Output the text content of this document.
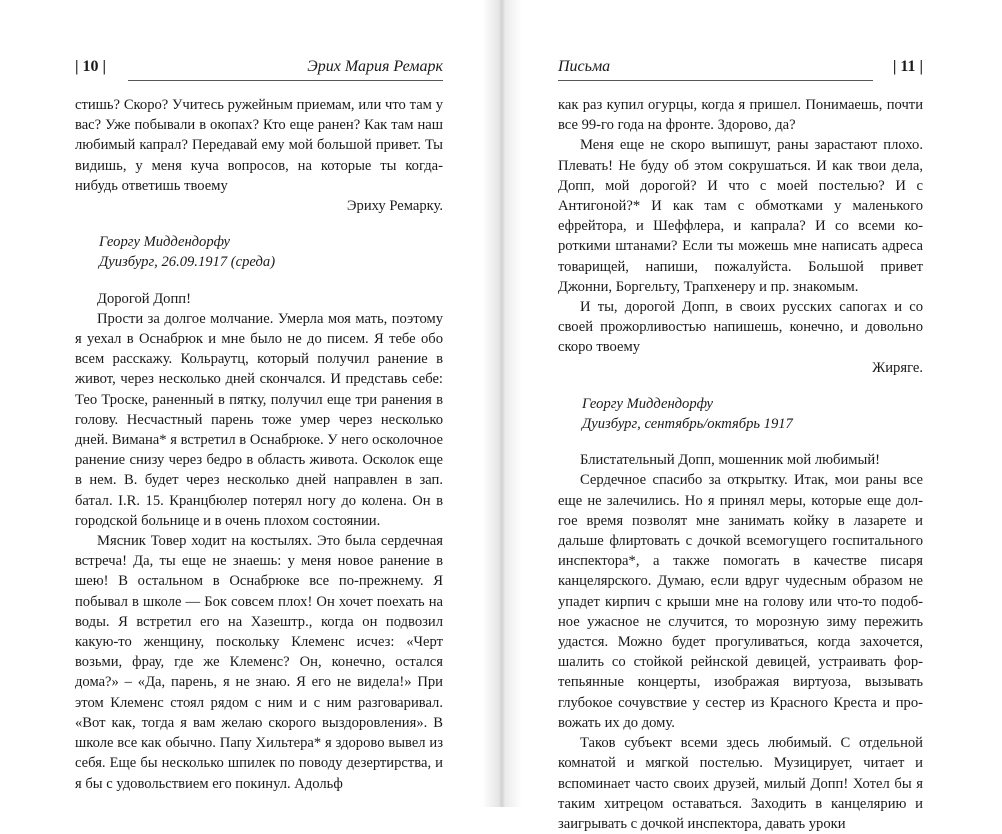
| 10 |	Эрих Мария Ремарк

стишь? Скоро? Учитесь ружейным приемам, или что там у вас? Уже побывали в окопах? Кто еще ранен? Как там наш любимый капрал? Передавай ему мой большой привет. Ты видишь, у меня куча вопросов, на которые ты когда-нибудь ответишь твоему

Эриху Ремарку.
Георгу Миддендорфу
Дуизбург, 26.09.1917 (среда)

Дорогой Допп!

Прости за долгое молчание. Умерла моя мать, поэтому я уехал в Оснабрюк и мне было не до писем. Я тебе обо всем расскажу. Кольраутц, который получил ранение в живот, через несколько дней скончался. И представь себе: Тео Троске, раненный в пятку, получил еще три ранения в голову. Несчастный парень тоже умер через несколько дней. Вимана* я встретил в Оснабрюке. У него осколочное ранение снизу через бедро в область живота. Осколок еще в нем. В. будет через несколько дней направлен в зап. батал. I.R. 15. Кранцбюлер потерял ногу до колена. Он в городской больнице и в очень плохом состоянии.

Мясник Товер ходит на костылях. Это была сердечная встреча! Да, ты еще не знаешь: у меня новое ранение в шею! В остальном в Оснабрюке все по-прежнему. Я побывал в школе — Бок совсем плох! Он хочет поехать на воды. Я встретил его на Хазештр., когда он подвозил какую-то женщину, поскольку Клеменс исчез: «Черт возьми, фрау, где же Клеменс? Он, конечно, остался дома?» – «Да, парень, я не знаю. Я его не видела!» При этом Клеменс стоял рядом с ним и с ним разговаривал. «Вот как, тогда я вам желаю скорого выздоровления». В школе все как обычно. Папу Хильтера* я здорово вывел из себя. Еще бы несколько шпилек по поводу дезертирства, и я бы с удовольствием его покинул. Адольф

Письма	| 11 |

как раз купил огурцы, когда я пришел. Понимаешь, почти все 99-го года на фронте. Здорово, да?

Меня еще не скоро выпишут, раны зарастают плохо. Плевать! Не буду об этом сокрушаться. И как твои дела, Допп, мой дорогой? И что с моей постелью? И с Антигоной?* И как там с обмотками у маленького ефрейтора, и Шеффлера, и капрала? И со всеми короткими штанами? Если ты можешь мне написать адреса товарищей, напиши, пожалуйста. Большой привет Джонни, Боргельту, Трапхенеру и пр. знакомым.

И ты, дорогой Допп, в своих русских сапогах и со своей прожорливостью напишешь, конечно, и довольно скоро твоему

Жиряге.
Георгу Миддендорфу
Дуизбург, сентябрь/октябрь 1917

Блистательный Допп, мошенник мой любимый!

Сердечное спасибо за открытку. Итак, мои раны все еще не залечились. Но я принял меры, которые еще долгое время позволят мне занимать койку в лазарете и дальше флиртовать с дочкой всемогущего госпитального инспектора*, а также помогать в качестве писаря канцелярского. Думаю, если вдруг чудесным образом не упадет кирпич с крыши мне на голову или что-то подобное ужасное не случится, то морозную зиму пережить удастся. Можно будет прогуливаться, когда захочется, шалить со стойкой рейнской девицей, устраивать фортепьянные концерты, изображая виртуоза, вызывать глубокое сочувствие у сестер из Красного Креста и провожать их до дому.

Таков субъект всеми здесь любимый. С отдельной комнатой и мягкой постелью. Музицирует, читает и вспоминает часто своих друзей, милый Допп! Хотел бы я таким хитрецом оставаться. Заходить в канцелярию и заигрывать с дочкой инспектора, давать уроки
